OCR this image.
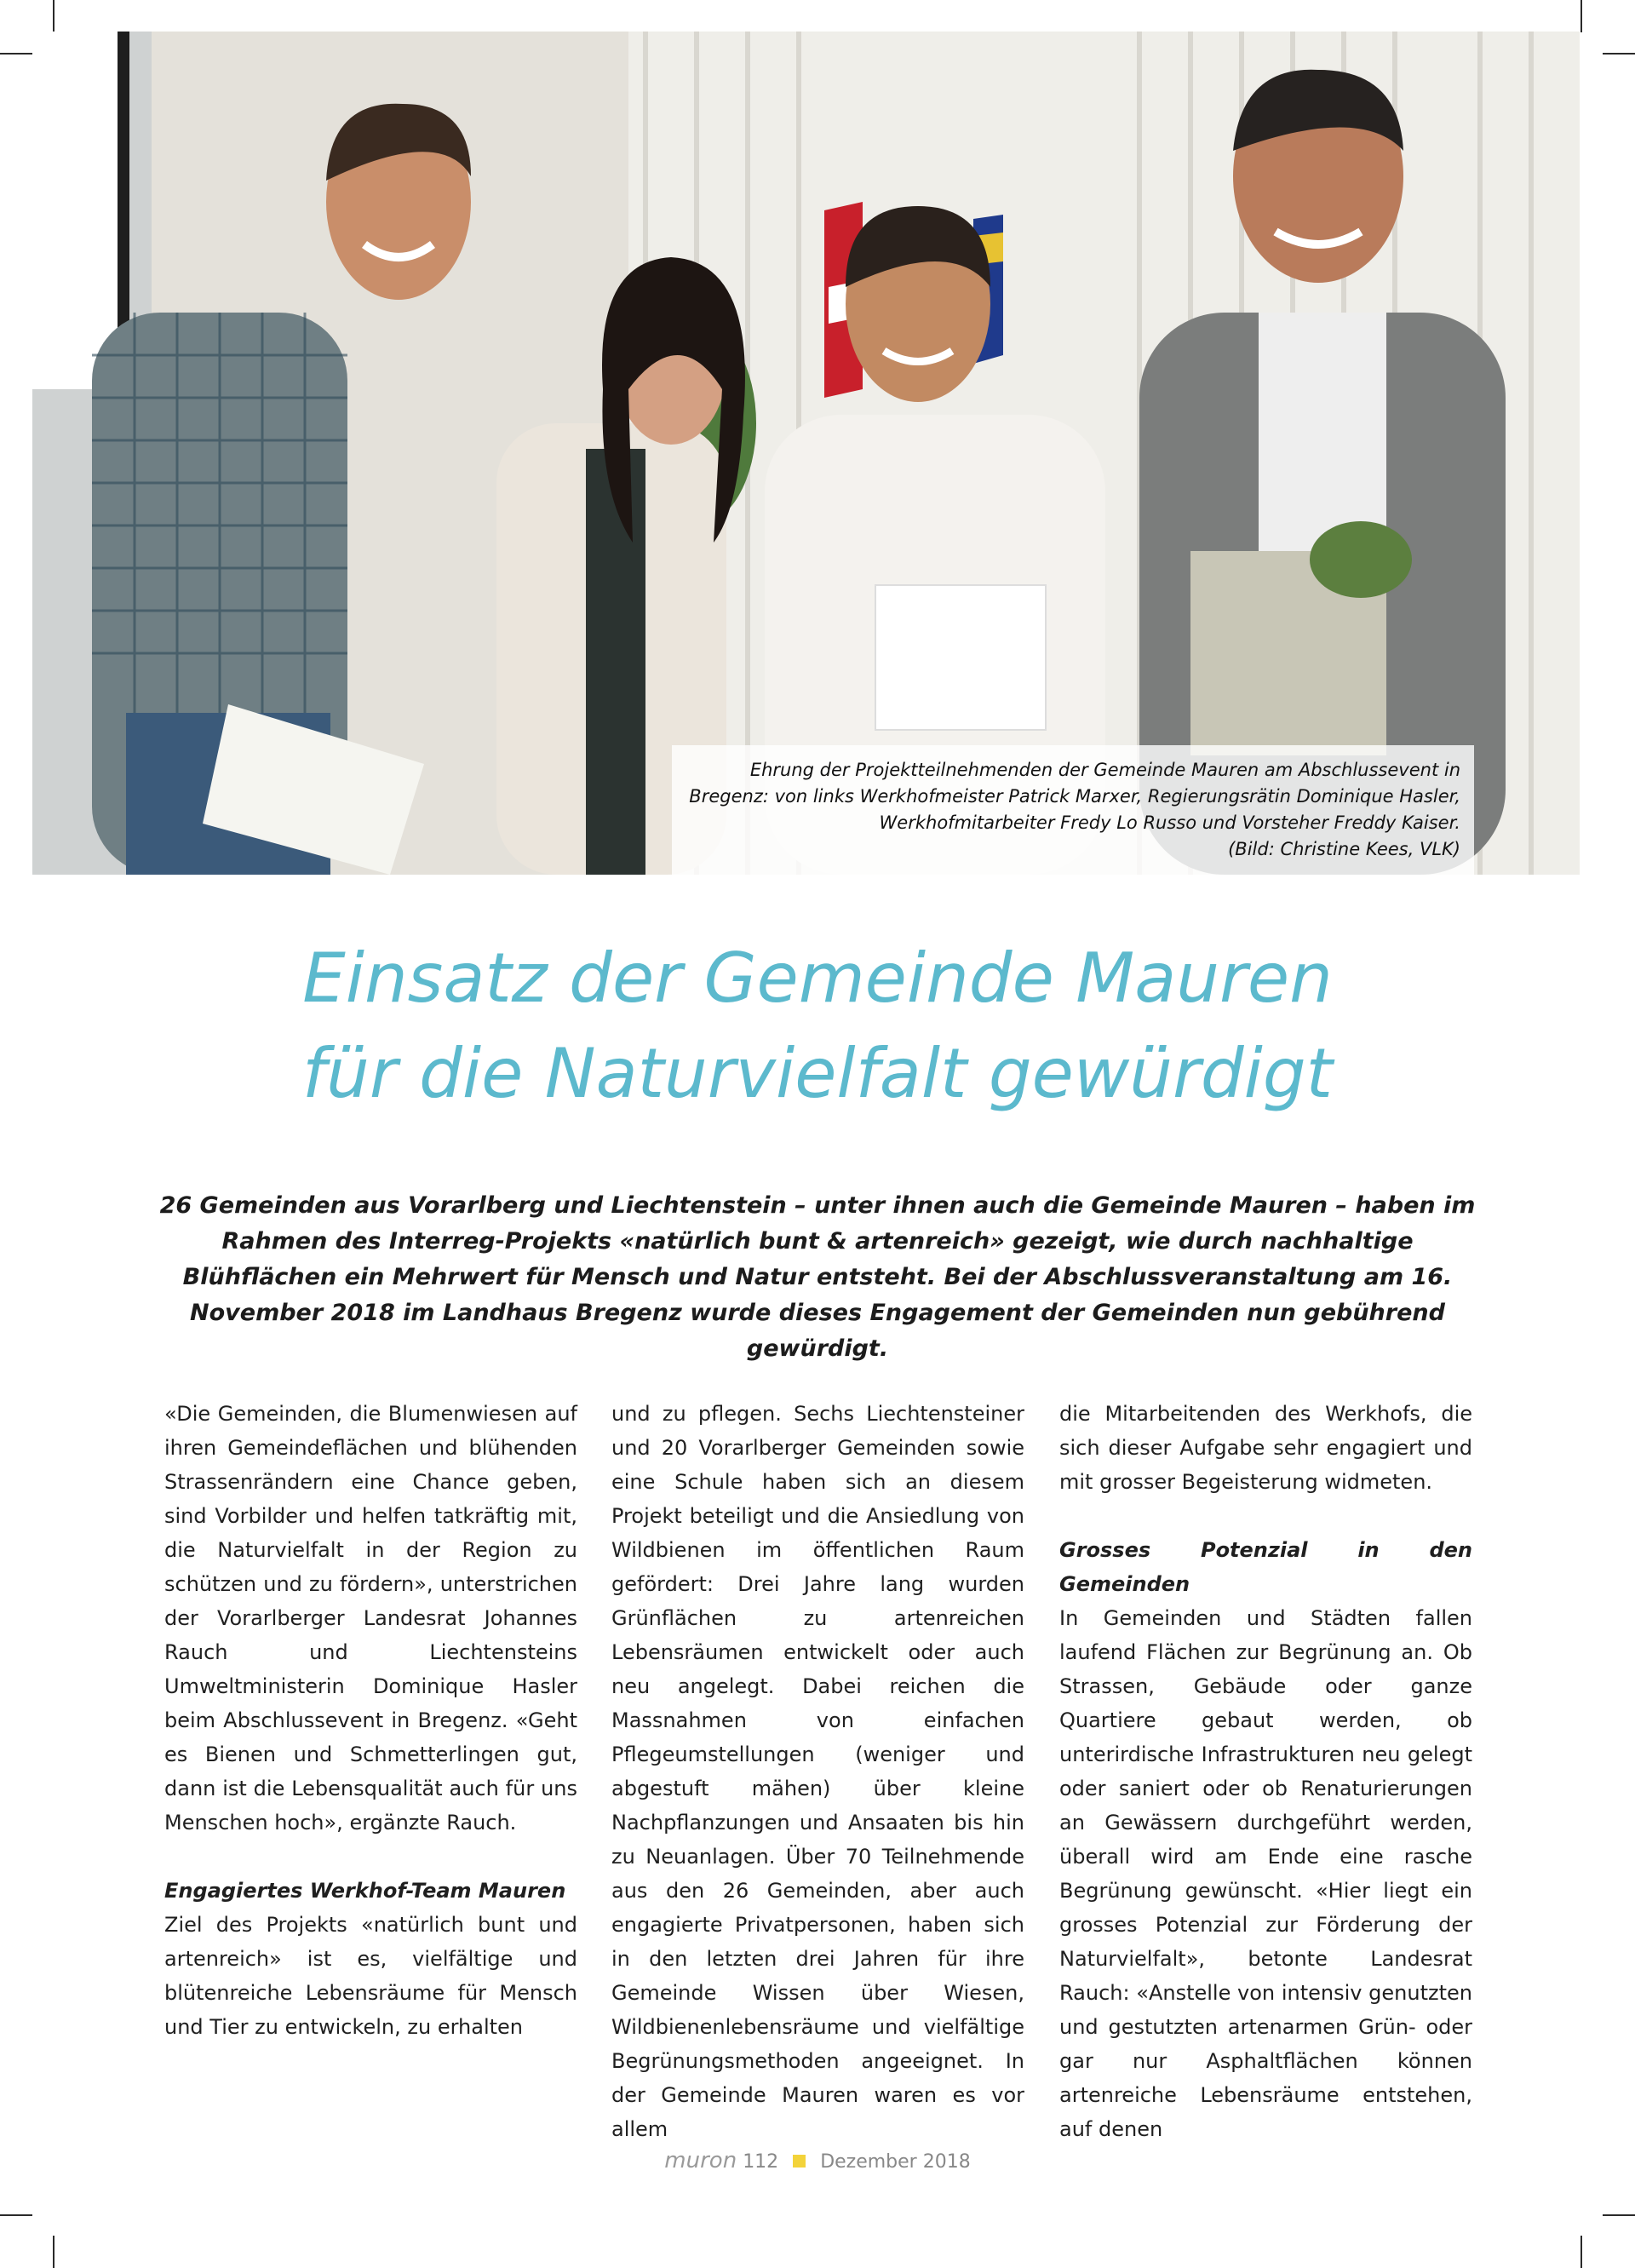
Ehrung der Projektteilnehmenden der Gemeinde Mauren am Abschlussevent in Bregenz: von links Werkhofmeister Patrick Marxer, Regierungsrätin Dominique Hasler, Werkhofmitarbeiter Fredy Lo Russo und Vorsteher Freddy Kaiser.
(Bild: Christine Kees, VLK)
Einsatz der Gemeinde Mauren
für die Naturvielfalt gewürdigt

26 Gemeinden aus Vorarlberg und Liechtenstein – unter ihnen auch die Gemeinde Mauren – haben im Rahmen des Interreg-Projekts «natürlich bunt & artenreich» gezeigt, wie durch nachhaltige Blühflächen ein Mehrwert für Mensch und Natur entsteht. Bei der Abschlussveranstaltung am 16. November 2018 im Landhaus Bregenz wurde dieses Engagement der Gemeinden nun gebührend gewürdigt.

«Die Gemeinden, die Blumenwiesen auf ihren Gemeindeflächen und blühenden Strassenrändern eine Chance geben, sind Vorbilder und helfen tatkräftig mit, die Naturvielfalt in der Region zu schützen und zu fördern», unterstrichen der Vorarlberger Landesrat Johannes Rauch und Liechtensteins Umweltministerin Dominique Hasler beim Abschlussevent in Bregenz. «Geht es Bienen und Schmetterlingen gut, dann ist die Lebensqualität auch für uns Menschen hoch», ergänzte Rauch.

Engagiertes Werkhof-Team Mauren

Ziel des Projekts «natürlich bunt und artenreich» ist es, vielfältige und blütenreiche Lebensräume für Mensch und Tier zu entwickeln, zu erhalten

und zu pflegen. Sechs Liechtensteiner und 20 Vorarlberger Gemeinden sowie eine Schule haben sich an diesem Projekt beteiligt und die Ansiedlung von Wildbienen im öffentlichen Raum gefördert: Drei Jahre lang wurden Grünflächen zu artenreichen Lebensräumen entwickelt oder auch neu angelegt. Dabei reichen die Massnahmen von einfachen Pflegeumstellungen (weniger und abgestuft mähen) über kleine Nachpflanzungen und Ansaaten bis hin zu Neuanlagen. Über 70 Teilnehmende aus den 26 Gemeinden, aber auch engagierte Privatpersonen, haben sich in den letzten drei Jahren für ihre Gemeinde Wissen über Wiesen, Wildbienenlebensräume und vielfältige Begrünungsmethoden angeeignet. In der Gemeinde Mauren waren es vor allem

die Mitarbeitenden des Werkhofs, die sich dieser Aufgabe sehr engagiert und mit grosser Begeisterung widmeten.

Grosses Potenzial in den Gemeinden

In Gemeinden und Städten fallen laufend Flächen zur Begrünung an. Ob Strassen, Gebäude oder ganze Quartiere gebaut werden, ob unterirdische Infrastrukturen neu gelegt oder saniert oder ob Renaturierungen an Gewässern durchgeführt werden, überall wird am Ende eine rasche Begrünung gewünscht. «Hier liegt ein grosses Potenzial zur Förderung der Naturvielfalt», betonte Landesrat Rauch: «Anstelle von intensiv genutzten und gestutzten artenarmen Grün- oder gar nur Asphaltflächen können artenreiche Lebensräume entstehen, auf denen

muron 112 Dezember 2018
